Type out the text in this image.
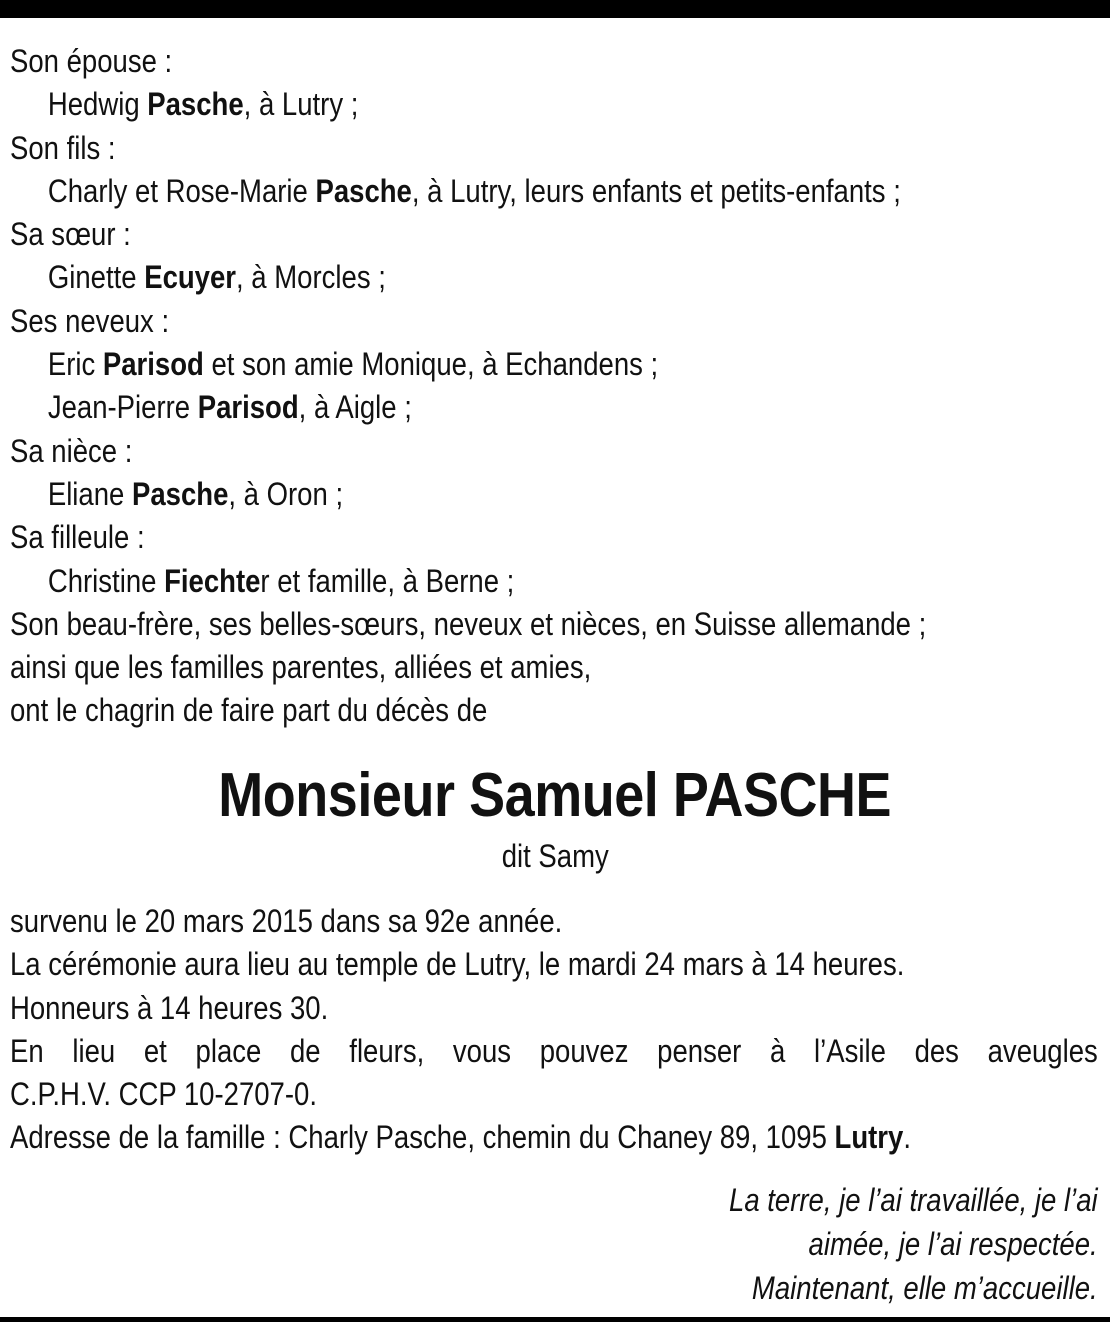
Son épouse :
Hedwig Pasche, à Lutry ;
Son fils :
Charly et Rose-Marie Pasche, à Lutry, leurs enfants et petits-enfants ;
Sa sœur :
Ginette Ecuyer, à Morcles ;
Ses neveux :
Eric Parisod et son amie Monique, à Echandens ;
Jean-Pierre Parisod, à Aigle ;
Sa nièce :
Eliane Pasche, à Oron ;
Sa filleule :
Christine Fiechter et famille, à Berne ;
Son beau-frère, ses belles-sœurs, neveux et nièces, en Suisse allemande ;
ainsi que les familles parentes, alliées et amies,
ont le chagrin de faire part du décès de
Monsieur Samuel PASCHE
dit Samy
survenu le 20 mars 2015 dans sa 92e année.
La cérémonie aura lieu au temple de Lutry, le mardi 24 mars à 14 heures.
Honneurs à 14 heures 30.
En lieu et place de fleurs, vous pouvez penser à l’Asile des aveugles
C.P.H.V. CCP 10-2707-0.
Adresse de la famille : Charly Pasche, chemin du Chaney 89, 1095 Lutry.
La terre, je l’ai travaillée, je l’ai
aimée, je l’ai respectée.
Maintenant, elle m’accueille.
